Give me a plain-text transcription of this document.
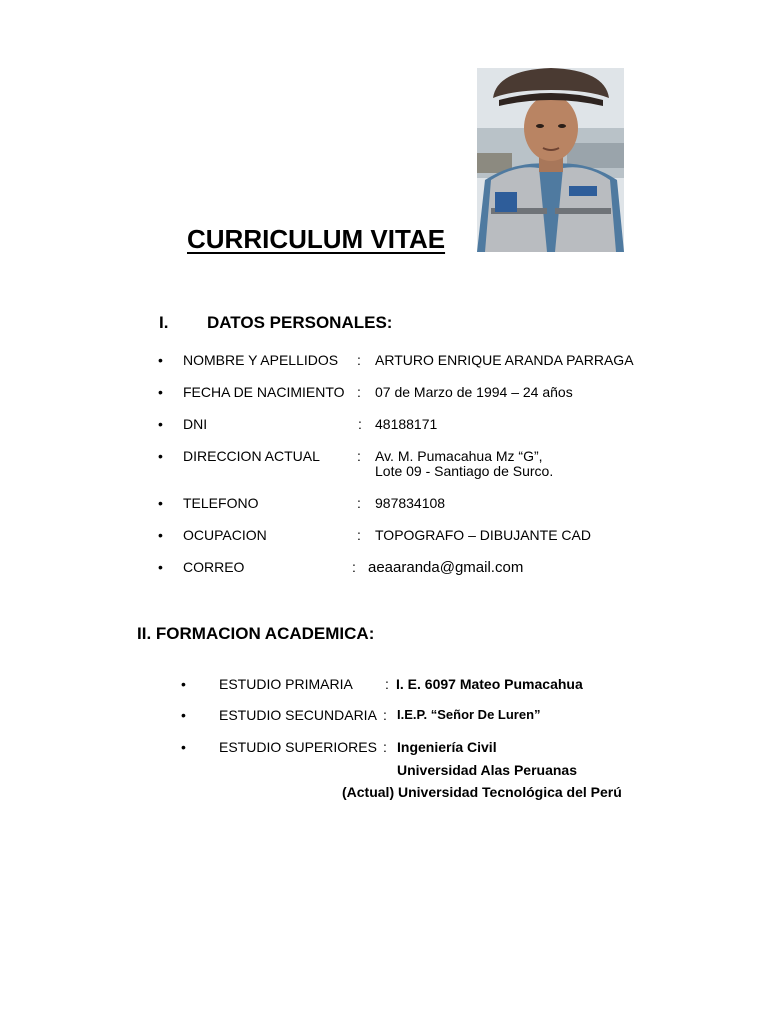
CURRICULUM VITAE
I. DATOS PERSONALES:
• NOMBRE Y APELLIDOS : ARTURO ENRIQUE ARANDA PARRAGA
• FECHA DE NACIMIENTO : 07 de Marzo de 1994 – 24 años
• DNI	: 48188171
• DIRECCION ACTUAL	: Av. M. Pumacahua Mz “G”,
Lote 09 - Santiago de Surco.
• TELEFONO	: 987834108
• OCUPACION	: TOPOGRAFO – DIBUJANTE CAD
• CORREO	: aeaaranda@gmail.com
II. FORMACION ACADEMICA:
• ESTUDIO PRIMARIA : I. E. 6097 Mateo Pumacahua
• ESTUDIO SECUNDARIA : I.E.P. “Señor De Luren”
• ESTUDIO SUPERIORES : Ingeniería Civil
Universidad Alas Peruanas
(Actual) Universidad Tecnológica del Perú
